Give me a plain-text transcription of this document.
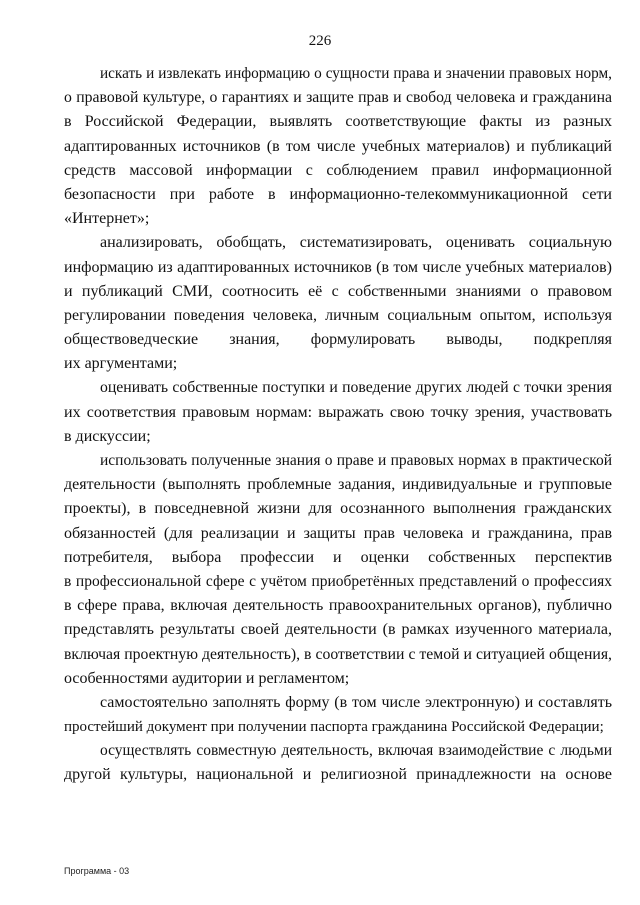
226
искать и извлекать информацию о сущности права и значении правовых норм,
о правовой культуре, о гарантиях и защите прав и свобод человека и гражданина
в Российской Федерации, выявлять соответствующие факты из разных
адаптированных источников (в том числе учебных материалов) и публикаций
средств массовой информации с соблюдением правил информационной
безопасности при работе в информационно-телекоммуникационной сети
«Интернет»;
анализировать, обобщать, систематизировать, оценивать социальную
информацию из адаптированных источников (в том числе учебных материалов)
и публикаций СМИ, соотносить её с собственными знаниями о правовом
регулировании поведения человека, личным социальным опытом, используя
обществоведческие знания, формулировать выводы, подкрепляя
их аргументами;
оценивать собственные поступки и поведение других людей с точки зрения
их соответствия правовым нормам: выражать свою точку зрения, участвовать
в дискуссии;
использовать полученные знания о праве и правовых нормах в практической
деятельности (выполнять проблемные задания, индивидуальные и групповые
проекты), в повседневной жизни для осознанного выполнения гражданских
обязанностей (для реализации и защиты прав человека и гражданина, прав
потребителя, выбора профессии и оценки собственных перспектив
в профессиональной сфере с учётом приобретённых представлений о профессиях
в сфере права, включая деятельность правоохранительных органов), публично
представлять результаты своей деятельности (в рамках изученного материала,
включая проектную деятельность), в соответствии с темой и ситуацией общения,
особенностями аудитории и регламентом;
самостоятельно заполнять форму (в том числе электронную) и составлять
простейший документ при получении паспорта гражданина Российской Федерации;
осуществлять совместную деятельность, включая взаимодействие с людьми
другой культуры, национальной и религиозной принадлежности на основе
Программа - 03
